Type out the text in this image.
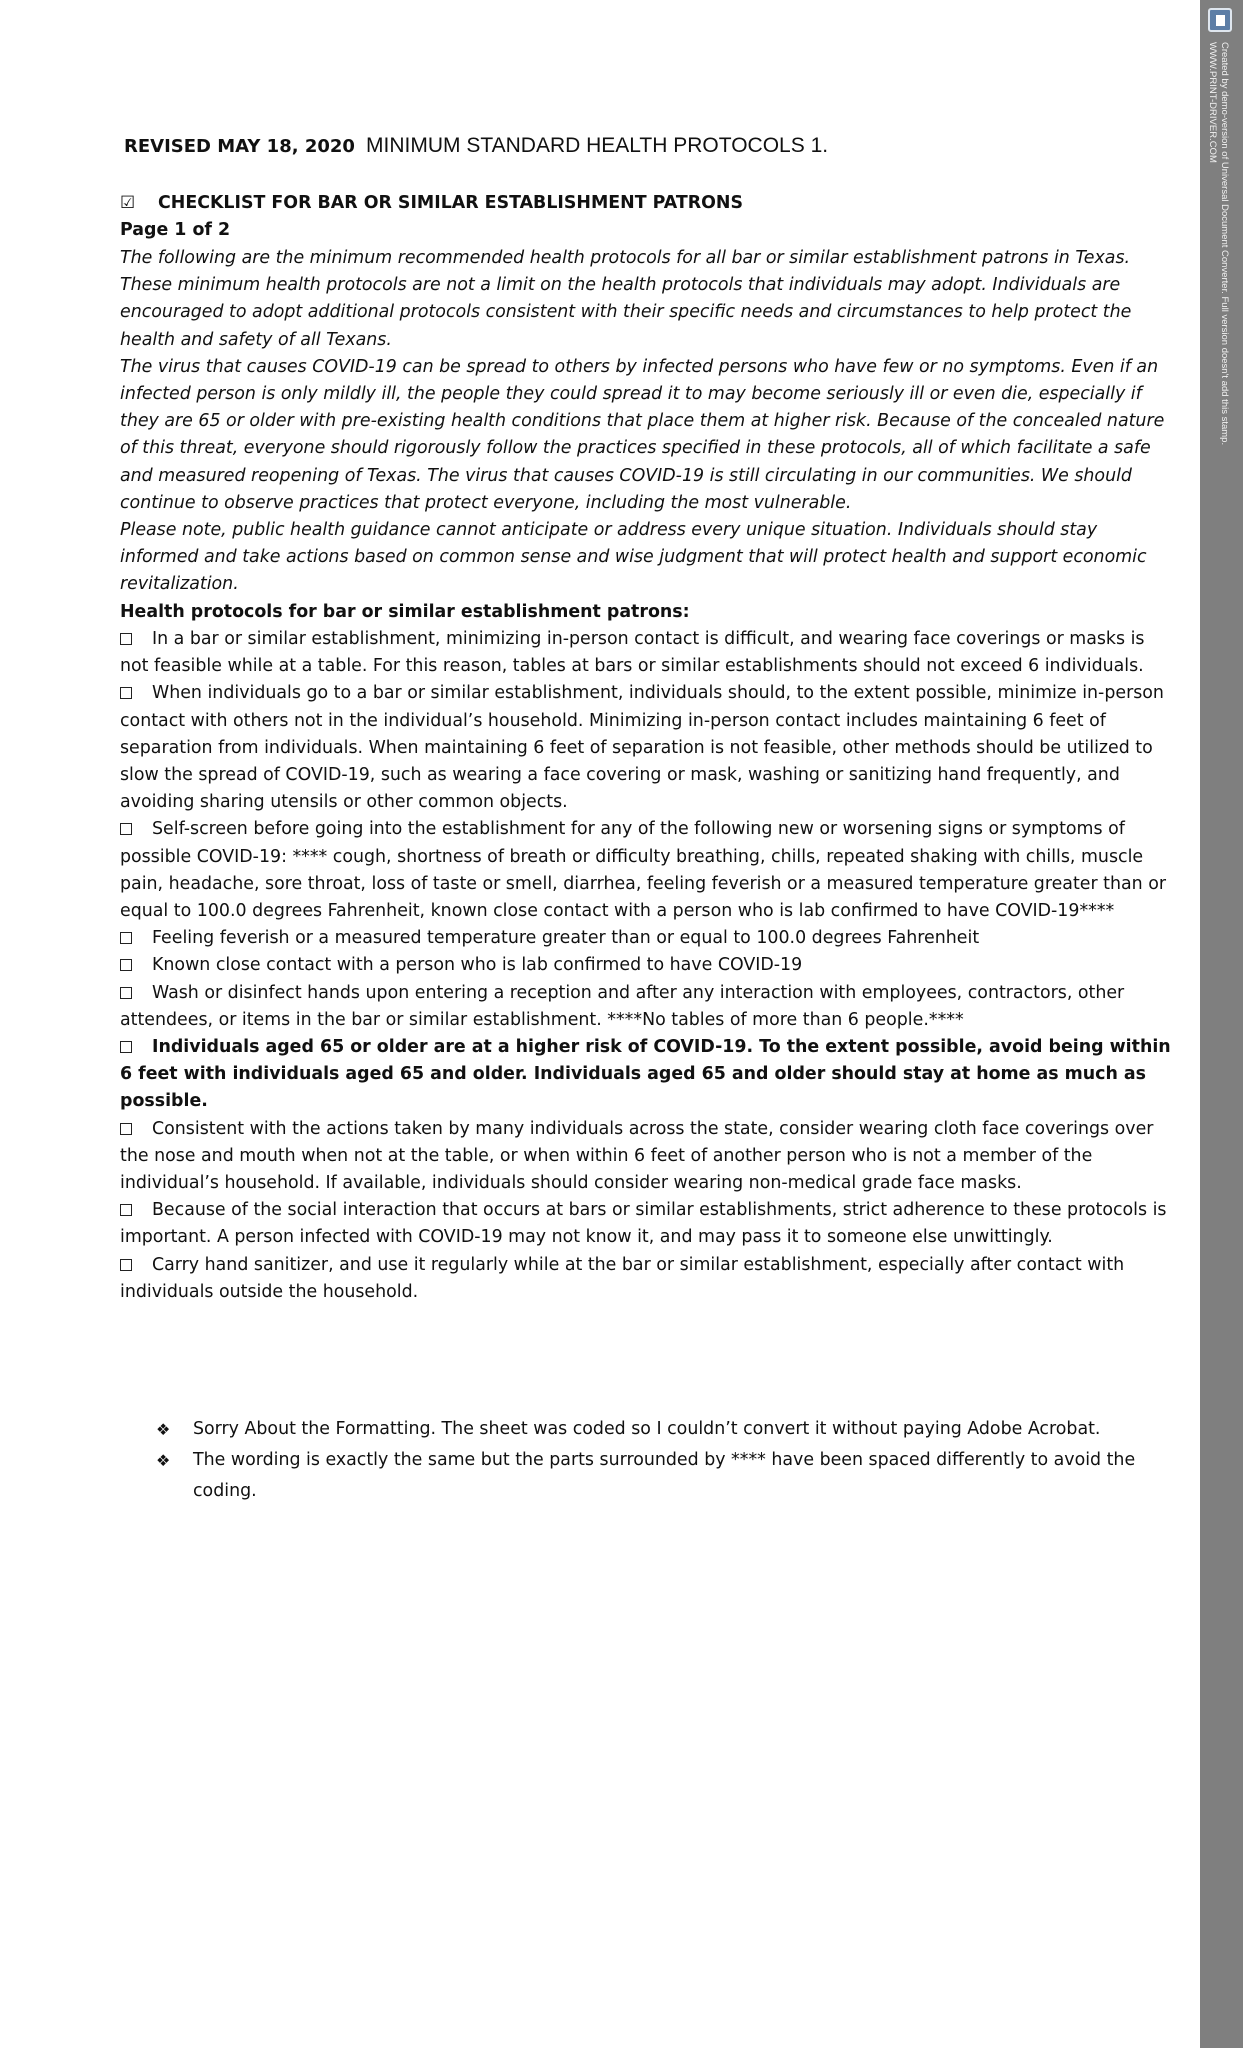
REVISED MAY 18, 2020 MINIMUM STANDARD HEALTH PROTOCOLS 1.
☑ CHECKLIST FOR BAR OR SIMILAR ESTABLISHMENT PATRONS
Page 1 of 2

The following are the minimum recommended health protocols for all bar or similar establishment patrons in Texas. These minimum health protocols are not a limit on the health protocols that individuals may adopt. Individuals are encouraged to adopt additional protocols consistent with their specific needs and circumstances to help protect the health and safety of all Texans.

The virus that causes COVID-19 can be spread to others by infected persons who have few or no symptoms. Even if an infected person is only mildly ill, the people they could spread it to may become seriously ill or even die, especially if they are 65 or older with pre-existing health conditions that place them at higher risk. Because of the concealed nature of this threat, everyone should rigorously follow the practices specified in these protocols, all of which facilitate a safe and measured reopening of Texas. The virus that causes COVID-19 is still circulating in our communities. We should continue to observe practices that protect everyone, including the most vulnerable.

Please note, public health guidance cannot anticipate or address every unique situation. Individuals should stay informed and take actions based on common sense and wise judgment that will protect health and support economic revitalization.

Health protocols for bar or similar establishment patrons:

In a bar or similar establishment, minimizing in-person contact is difficult, and wearing face coverings or masks is not feasible while at a table. For this reason, tables at bars or similar establishments should not exceed 6 individuals.

When individuals go to a bar or similar establishment, individuals should, to the extent possible, minimize in-person contact with others not in the individual’s household. Minimizing in-person contact includes maintaining 6 feet of separation from individuals. When maintaining 6 feet of separation is not feasible, other methods should be utilized to slow the spread of COVID-19, such as wearing a face covering or mask, washing or sanitizing hand frequently, and avoiding sharing utensils or other common objects.

Self-screen before going into the establishment for any of the following new or worsening signs or symptoms of possible COVID-19: **** cough, shortness of breath or difficulty breathing, chills, repeated shaking with chills, muscle pain, headache, sore throat, loss of taste or smell, diarrhea, feeling feverish or a measured temperature greater than or equal to 100.0 degrees Fahrenheit, known close contact with a person who is lab confirmed to have COVID-19****

Feeling feverish or a measured temperature greater than or equal to 100.0 degrees Fahrenheit

Known close contact with a person who is lab confirmed to have COVID-19

Wash or disinfect hands upon entering a reception and after any interaction with employees, contractors, other attendees, or items in the bar or similar establishment. ****No tables of more than 6 people.****

Individuals aged 65 or older are at a higher risk of COVID-19. To the extent possible, avoid being within 6 feet with individuals aged 65 and older. Individuals aged 65 and older should stay at home as much as possible.

Consistent with the actions taken by many individuals across the state, consider wearing cloth face coverings over the nose and mouth when not at the table, or when within 6 feet of another person who is not a member of the individual’s household. If available, individuals should consider wearing non-medical grade face masks.

Because of the social interaction that occurs at bars or similar establishments, strict adherence to these protocols is important. A person infected with COVID-19 may not know it, and may pass it to someone else unwittingly.

Carry hand sanitizer, and use it regularly while at the bar or similar establishment, especially after contact with individuals outside the household.

❖ Sorry About the Formatting. The sheet was coded so I couldn’t convert it without paying Adobe Acrobat.

❖ The wording is exactly the same but the parts surrounded by **** have been spaced differently to avoid the coding.

Created by demo-version of Universal Document Converter. Full version doesn't add this stamp.
WWW.PRINT-DRIVER.COM
